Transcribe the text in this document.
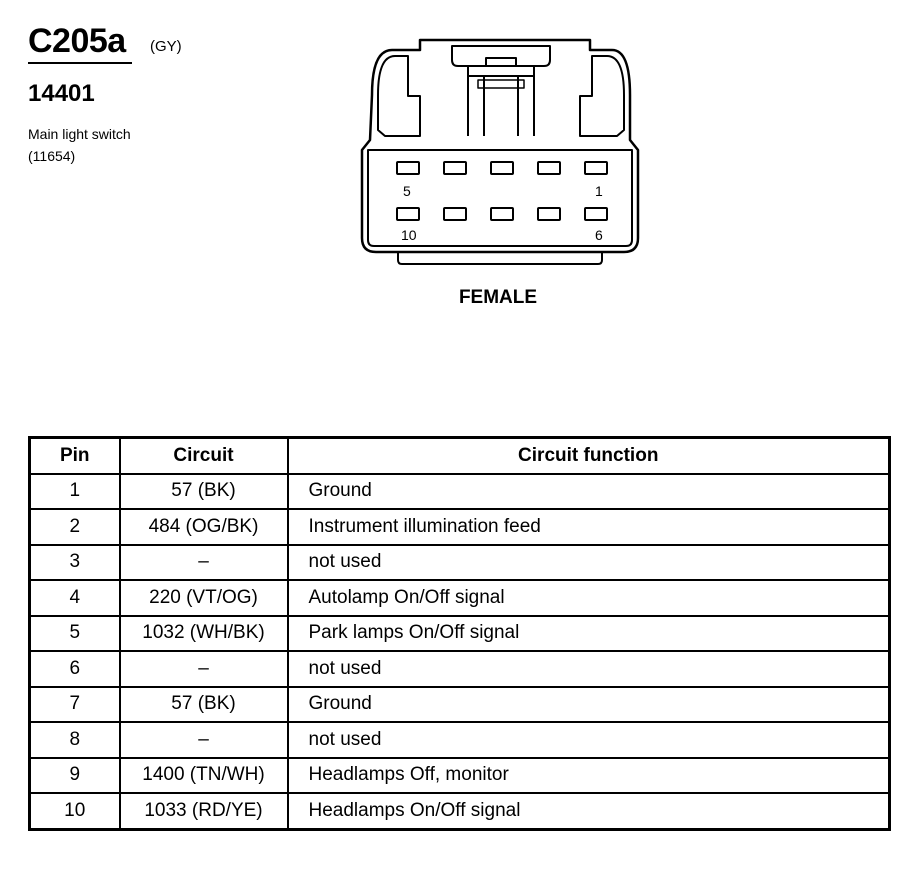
C205a (GY)
14401
Main light switch
(11654)
5	1
10	6
FEMALE
Pin	Circuit	Circuit function
1	57 (BK)	Ground
2	484 (OG/BK)	Instrument illumination feed
3	–	not used
4	220 (VT/OG)	Autolamp On/Off signal
5	1032 (WH/BK)	Park lamps On/Off signal
6	–	not used
7	57 (BK)	Ground
8	–	not used
9	1400 (TN/WH)	Headlamps Off, monitor
10	1033 (RD/YE)	Headlamps On/Off signal
